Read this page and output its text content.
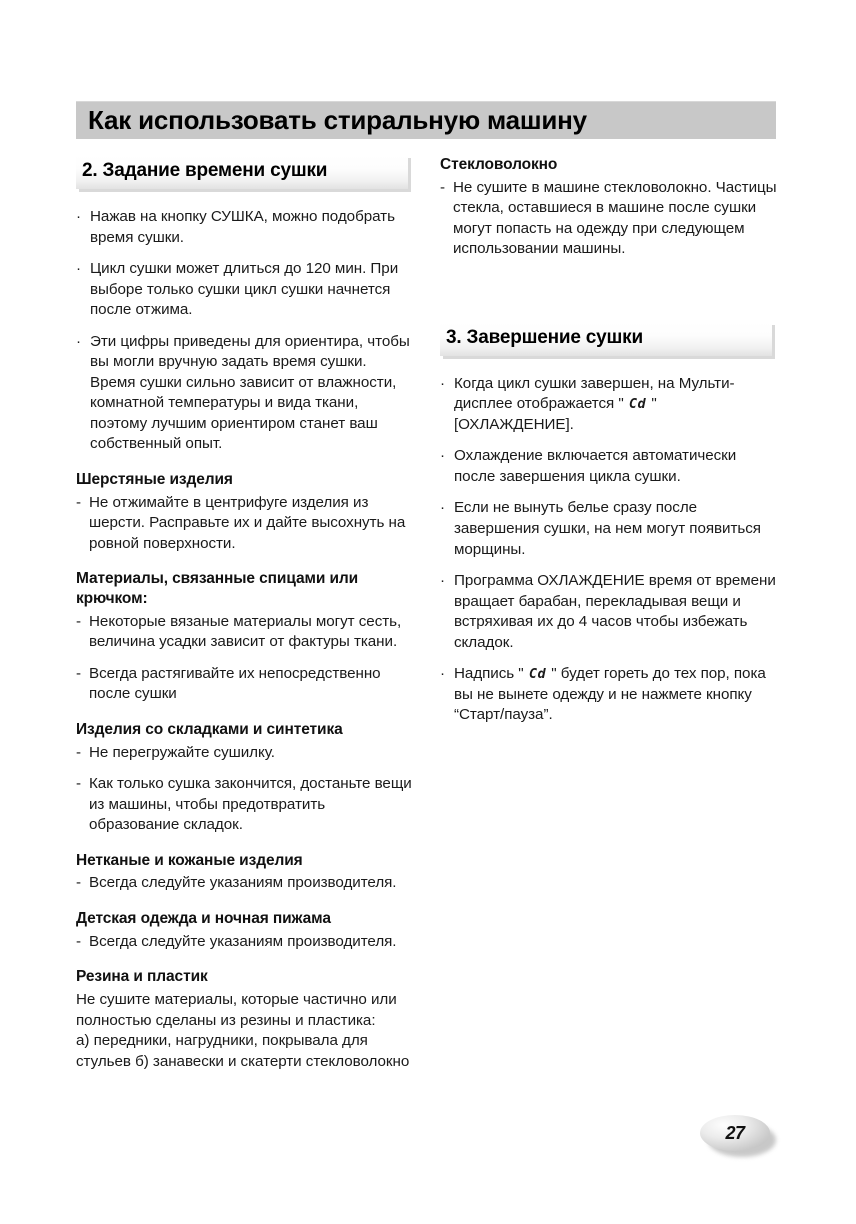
Как использовать стиральную машину
2. Задание времени сушки
· Нажав на кнопку СУШКА, можно подобрать время сушки.
· Цикл сушки может длиться до 120 мин. При выборе только сушки цикл сушки начнется после отжима.
· Эти цифры приведены для ориентира, чтобы вы могли вручную задать время сушки. Время сушки сильно зависит от влажности, комнатной температуры и вида ткани, поэтому лучшим ориентиром станет ваш собственный опыт.
Шерстяные изделия
- Не отжимайте в центрифуге изделия из шерсти. Расправьте их и дайте высохнуть на ровной поверхности.
Материалы, связанные спицами или крючком:
- Некоторые вязаные материалы могут сесть, величина усадки зависит от фактуры ткани.
- Всегда растягивайте их непосредственно после сушки
Изделия со складками и синтетика
- Не перегружайте сушилку.
- Как только сушка закончится, достаньте вещи из машины, чтобы предотвратить образование складок.
Нетканые и кожаные изделия
- Всегда следуйте указаниям производителя.
Детская одежда и ночная пижама
- Всегда следуйте указаниям производителя.
Резина и пластик
Не сушите материалы, которые частично или полностью сделаны из резины и пластика:
а) передники, нагрудники, покрывала для стульев б) занавески и скатерти стекловолокно
Стекловолокно
- Не сушите в машине стекловолокно. Частицы стекла, оставшиеся в машине после сушки могут попасть на одежду при следующем использовании машины.
3. Завершение сушки
· Когда цикл сушки завершен, на Мульти-дисплее отображается " Cd " [ОХЛАЖДЕНИЕ].
· Охлаждение включается автоматически после завершения цикла сушки.
· Если не вынуть белье сразу после завершения сушки, на нем могут появиться морщины.
· Программа ОХЛАЖДЕНИЕ время от времени вращает барабан, перекладывая вещи и встряхивая их до 4 часов чтобы избежать складок.
· Надпись " Cd " будет гореть до тех пор, пока вы не вынете одежду и не нажмете кнопку “Старт/пауза”.
27
